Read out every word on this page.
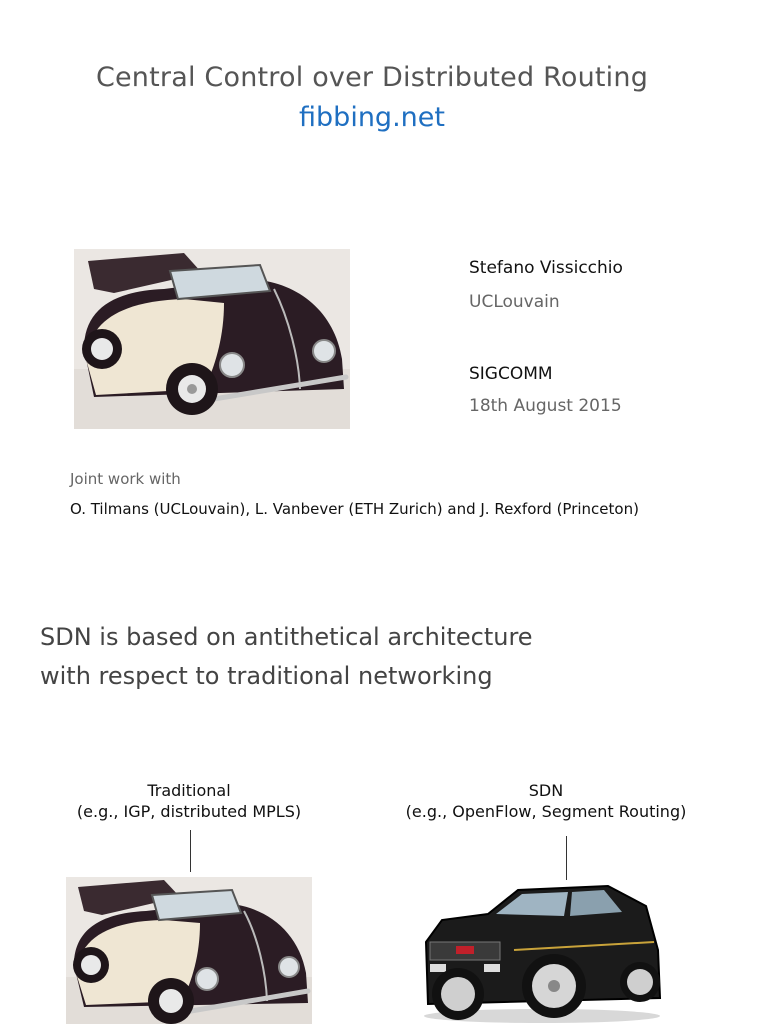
Central Control over Distributed Routing
fibbing.net
Stefano Vissicchio
UCLouvain
SIGCOMM
18th August 2015
Joint work with
O. Tilmans (UCLouvain), L. Vanbever (ETH Zurich) and J. Rexford (Princeton)
SDN is based on antithetical architecture
with respect to traditional networking
Traditional
(e.g., IGP, distributed MPLS)
SDN
(e.g., OpenFlow, Segment Routing)
